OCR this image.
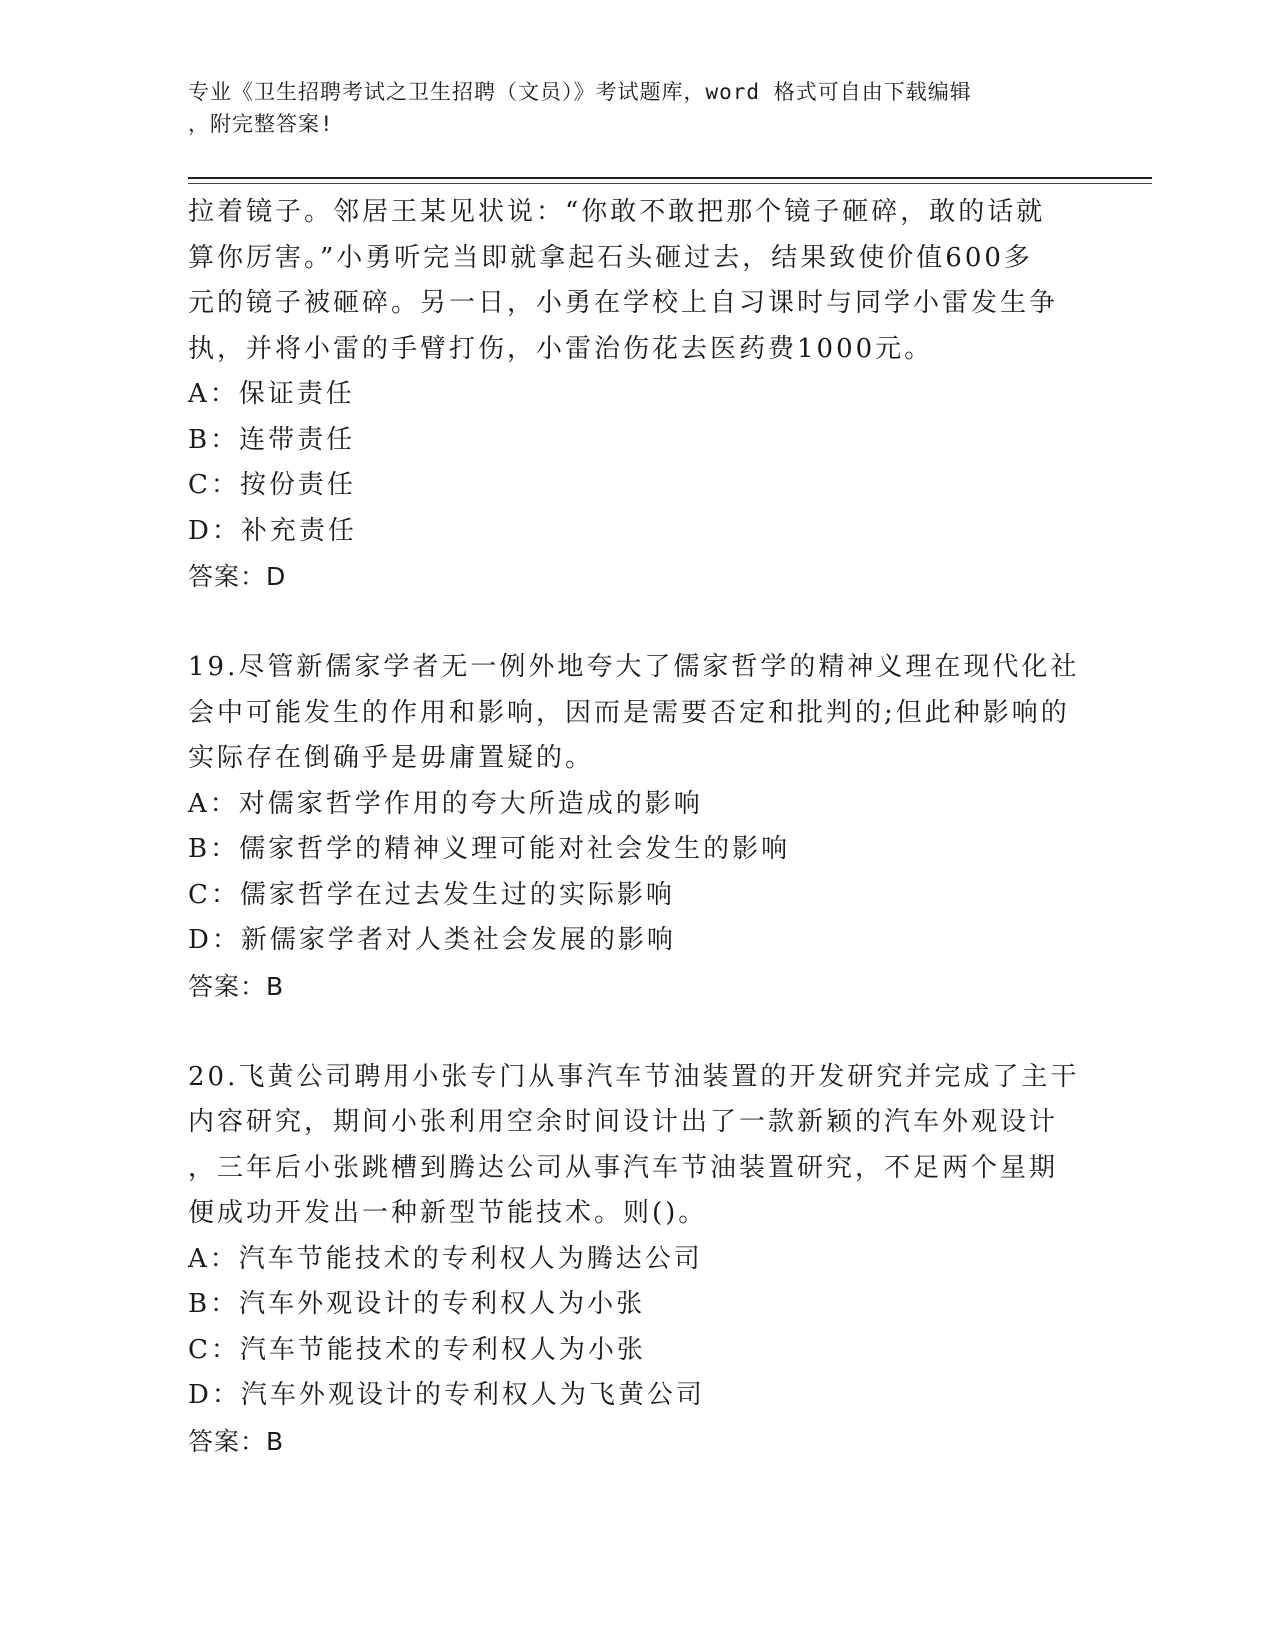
专业《卫生招聘考试之卫生招聘（文员）》考试题库，word 格式可自由下载编辑
，附完整答案!
拉着镜子。邻居王某见状说：“你敢不敢把那个镜子砸碎，敢的话就
算你厉害。”小勇听完当即就拿起石头砸过去，结果致使价值600多
元的镜子被砸碎。另一日，小勇在学校上自习课时与同学小雷发生争
执，并将小雷的手臂打伤，小雷治伤花去医药费1000元。
A：保证责任
B：连带责任
C：按份责任
D：补充责任
答案：D
19.尽管新儒家学者无一例外地夸大了儒家哲学的精神义理在现代化社
会中可能发生的作用和影响，因而是需要否定和批判的;但此种影响的
实际存在倒确乎是毋庸置疑的。
A：对儒家哲学作用的夸大所造成的影响
B：儒家哲学的精神义理可能对社会发生的影响
C：儒家哲学在过去发生过的实际影响
D：新儒家学者对人类社会发展的影响
答案：B
20.飞黄公司聘用小张专门从事汽车节油装置的开发研究并完成了主干
内容研究，期间小张利用空余时间设计出了一款新颖的汽车外观设计
，三年后小张跳槽到腾达公司从事汽车节油装置研究，不足两个星期
便成功开发出一种新型节能技术。则()。
A：汽车节能技术的专利权人为腾达公司
B：汽车外观设计的专利权人为小张
C：汽车节能技术的专利权人为小张
D：汽车外观设计的专利权人为飞黄公司
答案：B
